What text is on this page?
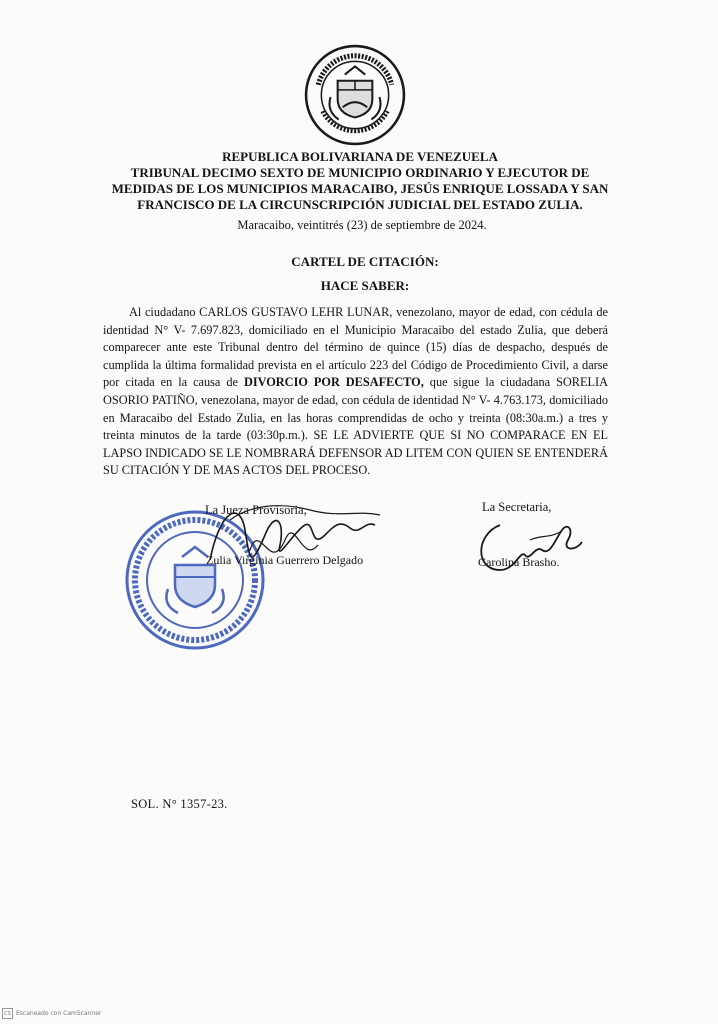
REPUBLICA BOLIVARIANA DE VENEZUELA
TRIBUNAL DECIMO SEXTO DE MUNICIPIO ORDINARIO Y EJECUTOR DE
MEDIDAS DE LOS MUNICIPIOS MARACAIBO, JESÚS ENRIQUE LOSSADA Y SAN
FRANCISCO DE LA CIRCUNSCRIPCIÓN JUDICIAL DEL ESTADO ZULIA.
Maracaibo, veintitrés (23) de septiembre de 2024.
CARTEL DE CITACIÓN:
HACE SABER:
Al ciudadano CARLOS GUSTAVO LEHR LUNAR, venezolano, mayor de edad, con cédula de identidad N° V- 7.697.823, domiciliado en el Municipio Maracaibo del estado Zulia, que deberá comparecer ante este Tribunal dentro del término de quince (15) días de despacho, después de cumplida la última formalidad prevista en el artículo 223 del Código de Procedimiento Civil, a darse por citada en la causa de DIVORCIO POR DESAFECTO, que sigue la ciudadana SORELIA OSORIO PATIÑO, venezolana, mayor de edad, con cédula de identidad N° V- 4.763.173, domiciliado en Maracaibo del Estado Zulia, en las horas comprendidas de ocho y treinta (08:30a.m.) a tres y treinta minutos de la tarde (03:30p.m.). SE LE ADVIERTE QUE SI NO COMPARACE EN EL LAPSO INDICADO SE LE NOMBRARÁ DEFENSOR AD LITEM CON QUIEN SE ENTENDERÁ SU CITACIÓN Y DE MAS ACTOS DEL PROCESO.
La Jueza Provisoria,
Zulia Virginia Guerrero Delgado
La Secretaria,
Carolina Brasho.
SOL. N° 1357-23.
CS Escaneado con CamScanner
